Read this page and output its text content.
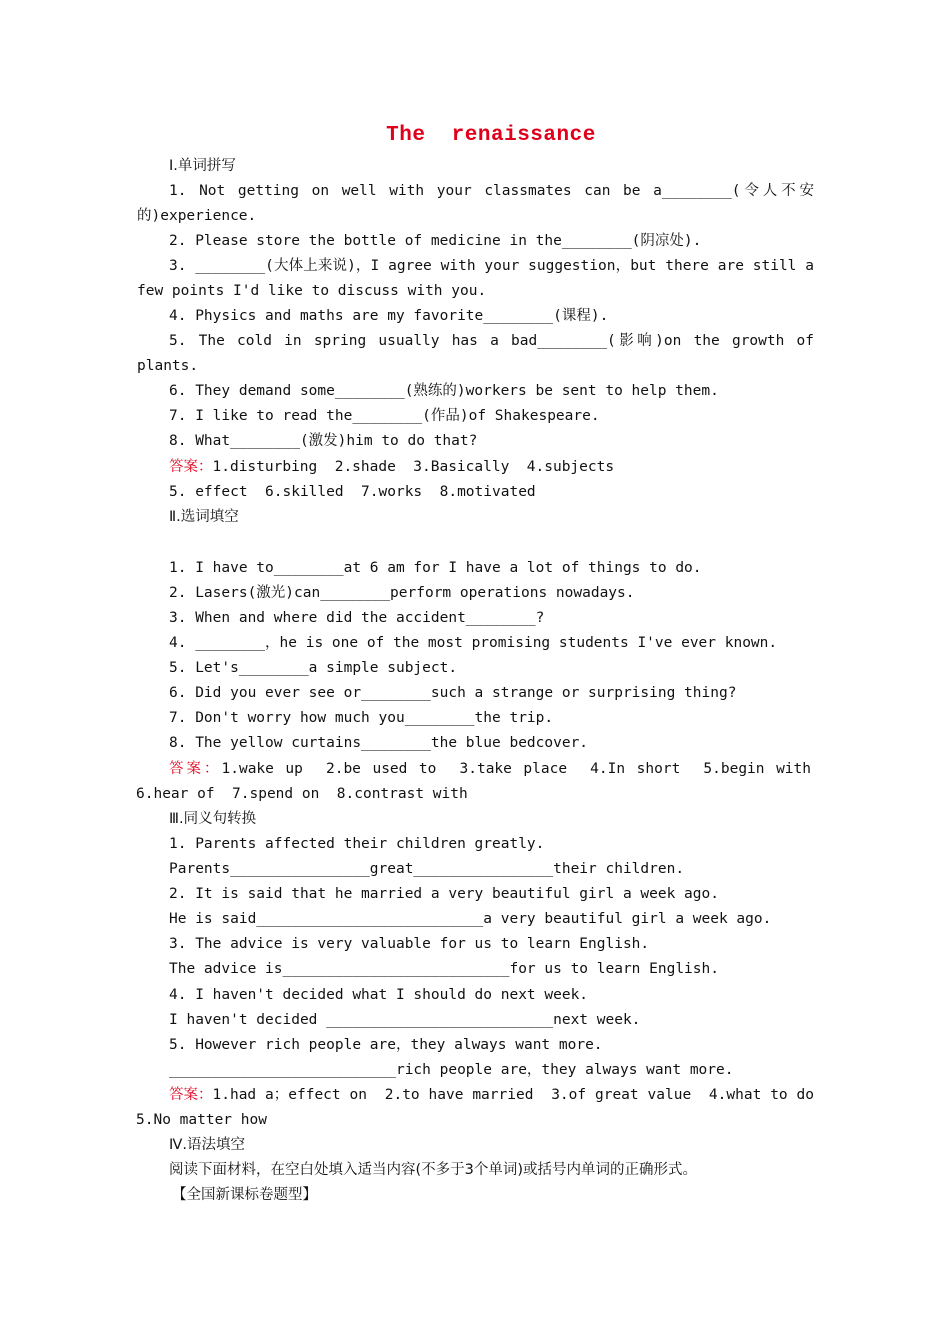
The  renaissance
Ⅰ.单词拼写
1. Not getting on well with your classmates can be a________(令人不安
的)experience.
2. Please store the bottle of medicine in the________(阴凉处).
3. ________(大体上来说)，I agree with your suggestion，but there are still a
few points I'd like to discuss with you.
4. Physics and maths are my favorite________(课程).
5. The cold in spring usually has a bad________(影响)on the growth of
plants.
6. They demand some________(熟练的)workers be sent to help them.
7. I like to read the________(作品)of Shakespeare.
8. What________(激发)him to do that?
答案：1.disturbing  2.shade  3.Basically  4.subjects
5. effect  6.skilled  7.works  8.motivated
Ⅱ.选词填空
1. I have to________at 6 am for I have a lot of things to do.
2. Lasers(激光)can________perform operations nowadays.
3. When and where did the accident________?
4. ________，he is one of the most promising students I've ever known.
5. Let's________a simple subject.
6. Did you ever see or________such a strange or surprising thing?
7. Don't worry how much you________the trip.
8. The yellow curtains________the blue bedcover.
答案： 1.wake up  2.be used to  3.take place  4.In short  5.begin with
6.hear of  7.spend on  8.contrast with
Ⅲ.同义句转换
1. Parents affected their children greatly.
Parents________________great________________their children.
2. It is said that he married a very beautiful girl a week ago.
He is said__________________________a very beautiful girl a week ago.
3. The advice is very valuable for us to learn English.
The advice is__________________________for us to learn English.
4. I haven't decided what I should do next week.
I haven't decided __________________________next week.
5. However rich people are，they always want more.
__________________________rich people are，they always want more.
答案： 1.had a；effect on  2.to have married  3.of great value  4.what to do
5.No matter how
Ⅳ.语法填空
阅读下面材料，在空白处填入适当内容(不多于3个单词)或括号内单词的正确形式。
【全国新课标卷题型】
